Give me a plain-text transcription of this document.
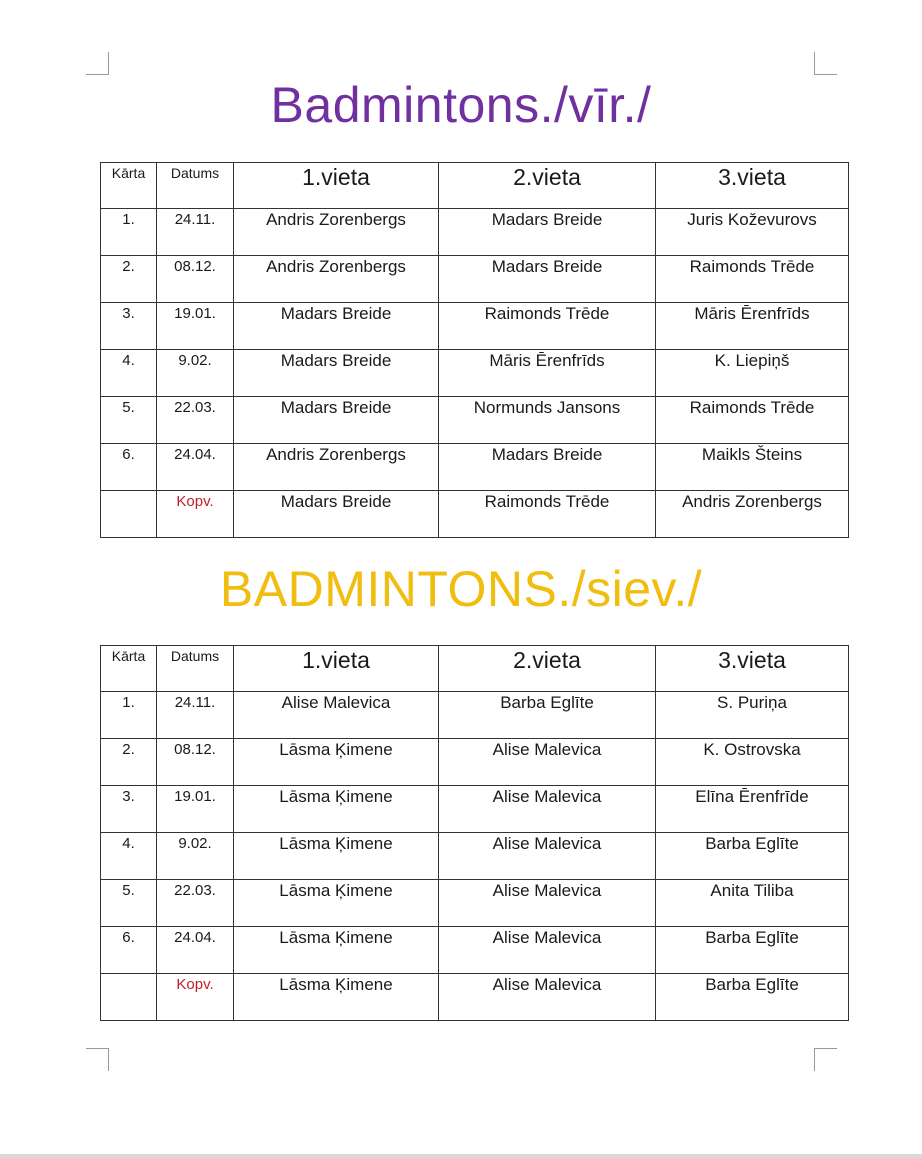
Badmintons./vīr./
Kārta	Datums	1.vieta	2.vieta	3.vieta
1.	24.11.	Andris Zorenbergs	Madars Breide	Juris Koževurovs
2.	08.12.	Andris Zorenbergs	Madars Breide	Raimonds Trēde
3.	19.01.	Madars Breide	Raimonds Trēde	Māris Ērenfrīds
4.	9.02.	Madars Breide	Māris Ērenfrīds	K. Liepiņš
5.	22.03.	Madars Breide	Normunds Jansons	Raimonds Trēde
6.	24.04.	Andris Zorenbergs	Madars Breide	Maikls Šteins
	Kopv.	Madars Breide	Raimonds Trēde	Andris Zorenbergs
BADMINTONS./siev./
Kārta	Datums	1.vieta	2.vieta	3.vieta
1.	24.11.	Alise Malevica	Barba Eglīte	S. Puriņa
2.	08.12.	Lāsma Ķimene	Alise Malevica	K. Ostrovska
3.	19.01.	Lāsma Ķimene	Alise Malevica	Elīna Ērenfrīde
4.	9.02.	Lāsma Ķimene	Alise Malevica	Barba Eglīte
5.	22.03.	Lāsma Ķimene	Alise Malevica	Anita Tiliba
6.	24.04.	Lāsma Ķimene	Alise Malevica	Barba Eglīte
	Kopv.	Lāsma Ķimene	Alise Malevica	Barba Eglīte
